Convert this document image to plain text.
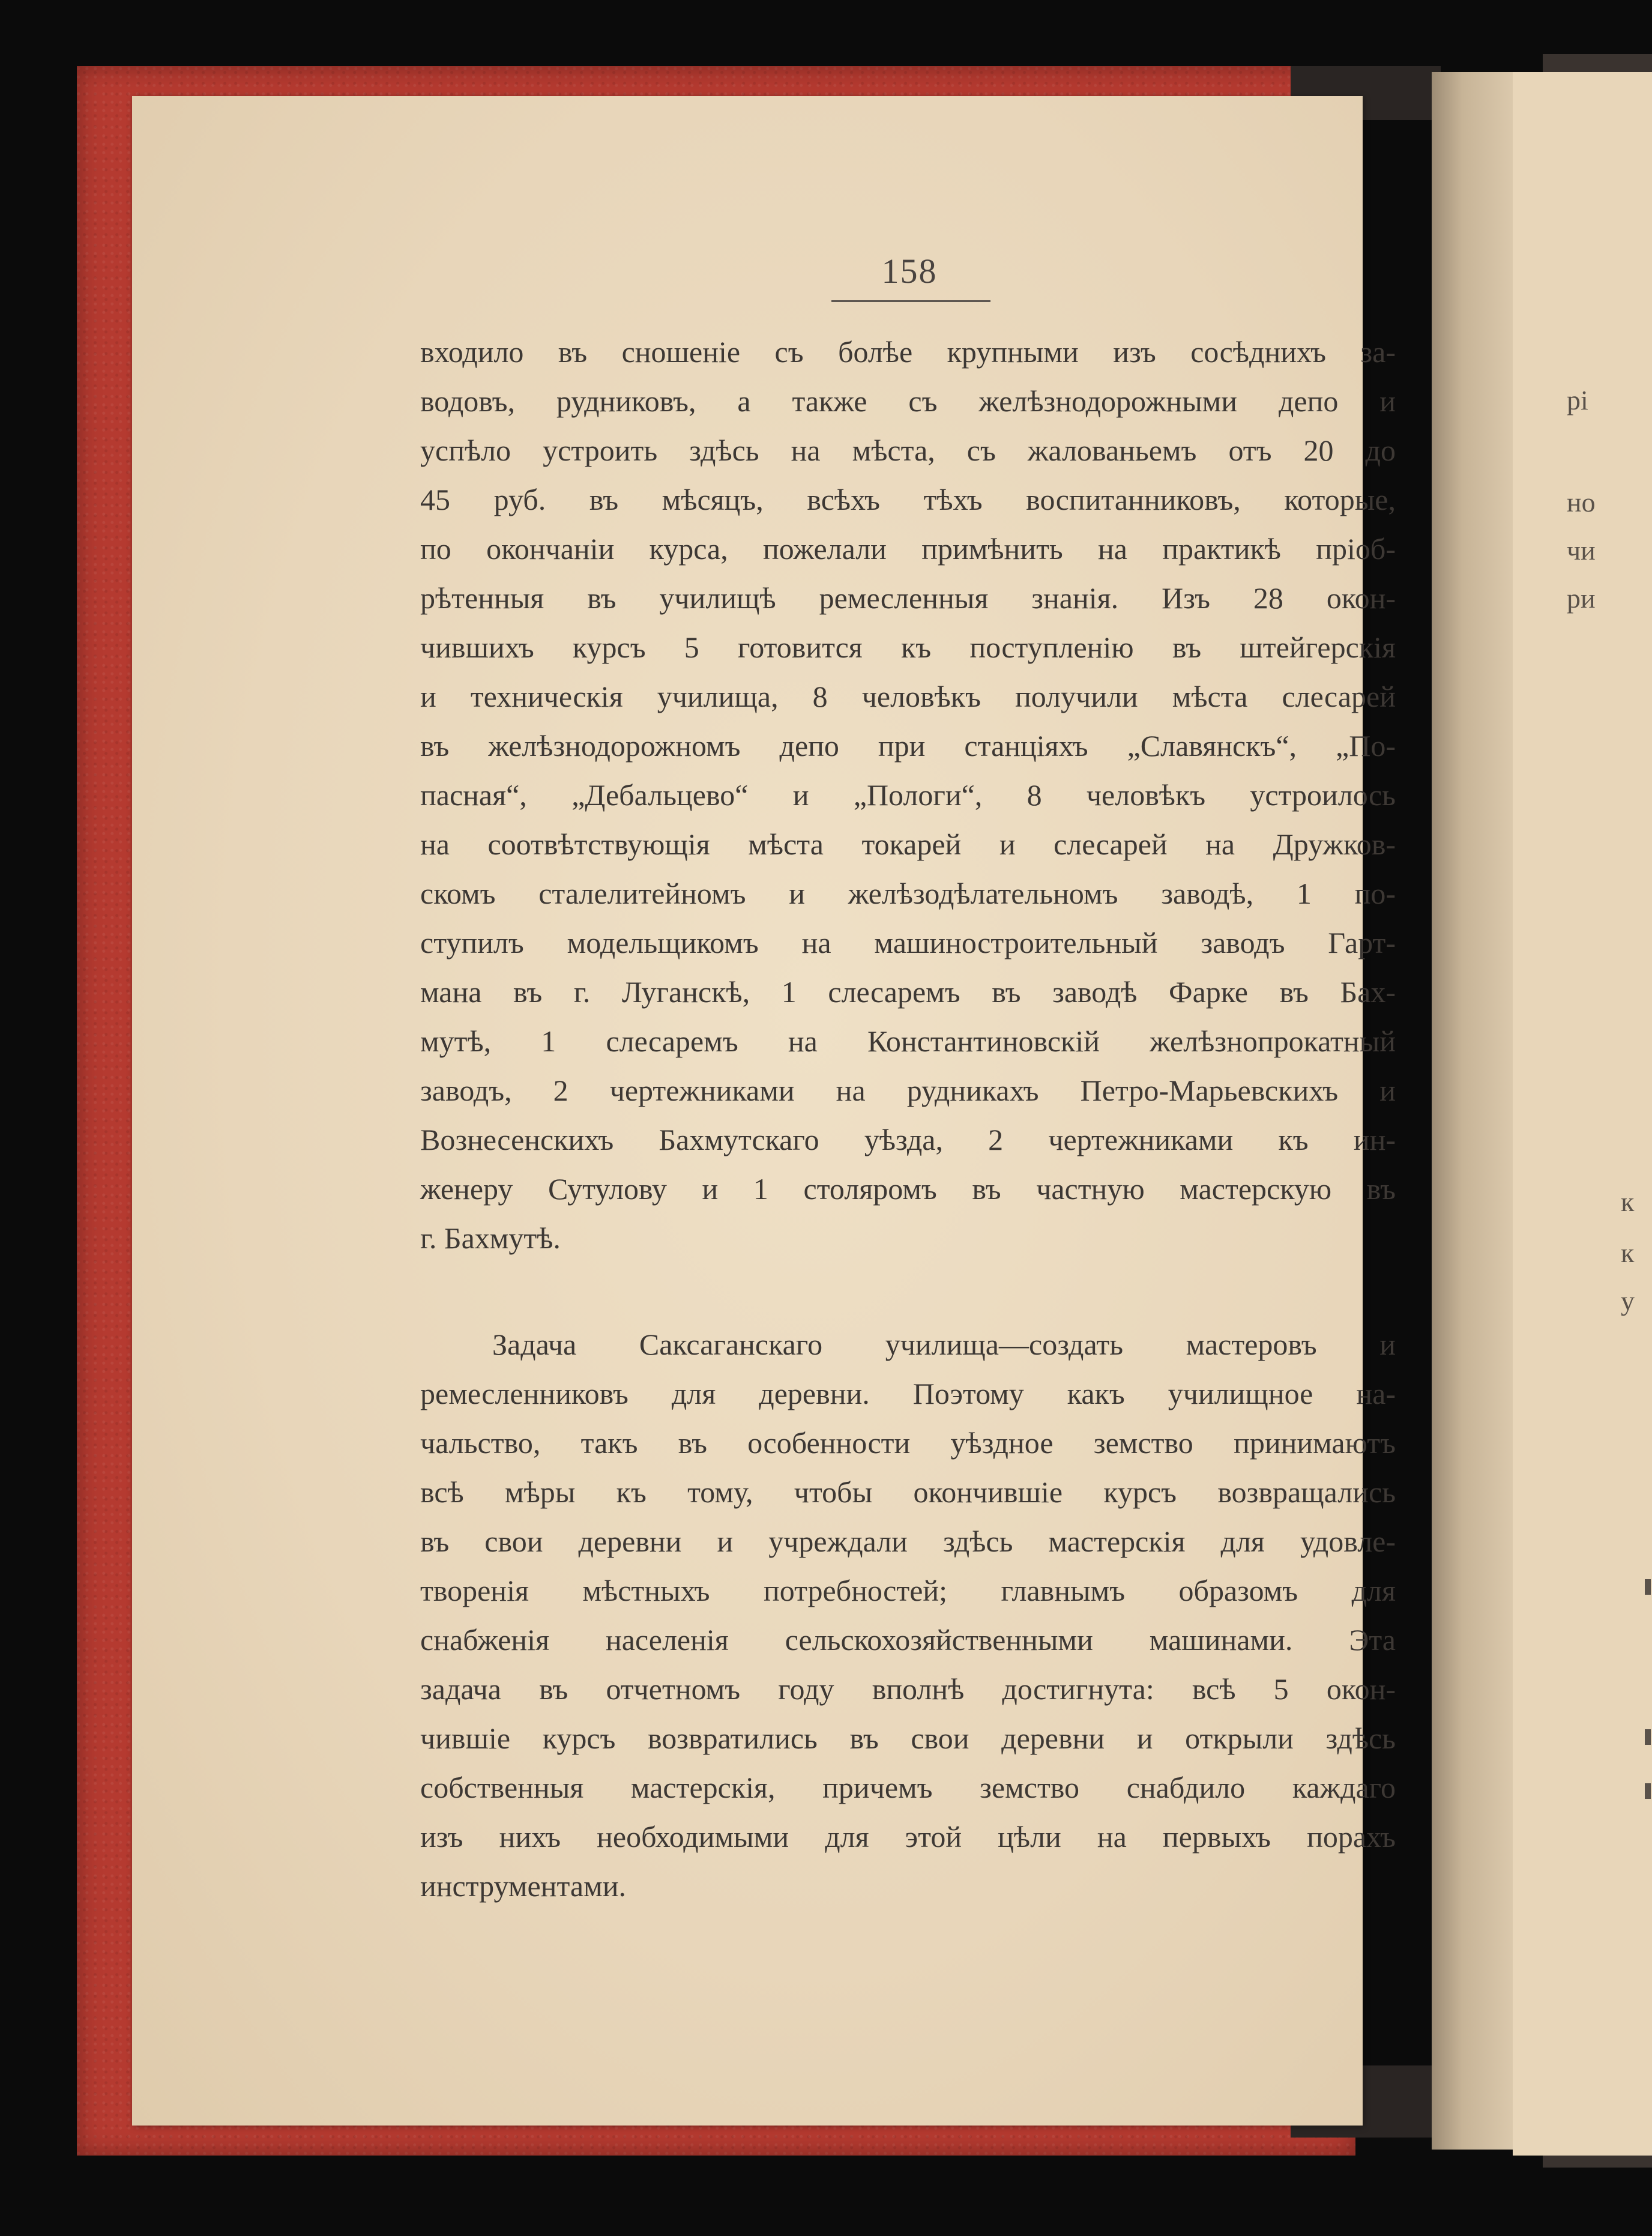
158
входило въ сношеніе съ болѣе крупными изъ сосѣднихъ за-
водовъ, рудниковъ, а также съ желѣзнодорожными депо и
успѣло устроить здѣсь на мѣста, съ жалованьемъ отъ 20 до
45 руб. въ мѣсяцъ, всѣхъ тѣхъ воспитанниковъ, которые,
по окончаніи курса, пожелали примѣнить на практикѣ пріоб-
рѣтенныя въ училищѣ ремесленныя знанія. Изъ 28 окон-
чившихъ курсъ 5 готовится къ поступленію въ штейгерскія
и техническія училища, 8 человѣкъ получили мѣста слесарей
въ желѣзнодорожномъ депо при станціяхъ „Славянскъ“, „По-
пасная“, „Дебальцево“ и „Пологи“, 8 человѣкъ устроилось
на соотвѣтствующія мѣста токарей и слесарей на Дружков-
скомъ сталелитейномъ и желѣзодѣлательномъ заводѣ, 1 по-
ступилъ модельщикомъ на машиностроительный заводъ Гарт-
мана въ г. Луганскѣ, 1 слесаремъ въ заводѣ Фарке въ Бах-
мутѣ, 1 слесаремъ на Константиновскій желѣзнопрокатный
заводъ, 2 чертежниками на рудникахъ Петро-Марьевскихъ и
Вознесенскихъ Бахмутскаго уѣзда, 2 чертежниками къ ин-
женеру Сутулову и 1 столяромъ въ частную мастерскую въ
г. Бахмутѣ.
Задача Саксаганскаго училища—создать мастеровъ и
ремесленниковъ для деревни. Поэтому какъ училищное на-
чальство, такъ въ особенности уѣздное земство принимаютъ
всѣ мѣры къ тому, чтобы окончившіе курсъ возвращались
въ свои деревни и учреждали здѣсь мастерскія для удовле-
творенія мѣстныхъ потребностей; главнымъ образомъ для
снабженія населенія сельскохозяйственными машинами. Эта
задача въ отчетномъ году вполнѣ достигнута: всѣ 5 окон-
чившіе курсъ возвратились въ свои деревни и открыли здѣсь
собственныя мастерскія, причемъ земство снабдило каждаго
изъ нихъ необходимыми для этой цѣли на первыхъ порахъ
инструментами.
рі
но
чи
ри
к
к
у
